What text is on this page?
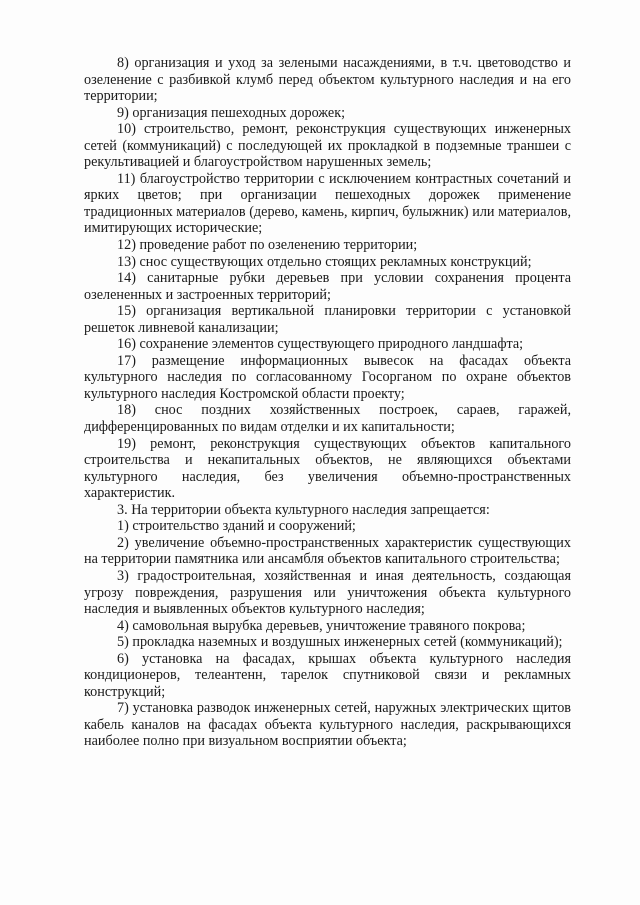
8) организация и уход за зелеными насаждениями, в т.ч. цветоводство и озеленение с разбивкой клумб перед объектом культурного наследия и на его территории;

9) организация пешеходных дорожек;

10) строительство, ремонт, реконструкция существующих инженерных сетей (коммуникаций) с последующей их прокладкой в подземные траншеи с рекультивацией и благоустройством нарушенных земель;

11) благоустройство территории с исключением контрастных сочетаний и ярких цветов; при организации пешеходных дорожек применение традиционных материалов (дерево, камень, кирпич, булыжник) или материалов, имитирующих исторические;

12) проведение работ по озеленению территории;

13) снос существующих отдельно стоящих рекламных конструкций;

14) санитарные рубки деревьев при условии сохранения процента озелененных и застроенных территорий;

15) организация вертикальной планировки территории с установкой решеток ливневой канализации;

16) сохранение элементов существующего природного ландшафта;

17) размещение информационных вывесок на фасадах объекта культурного наследия по согласованному Госорганом по охране объектов культурного наследия Костромской области проекту;

18) снос поздних хозяйственных построек, сараев, гаражей, дифференцированных по видам отделки и их капитальности;

19) ремонт, реконструкция существующих объектов капитального строительства и некапитальных объектов, не являющихся объектами культурного наследия, без увеличения объемно-пространственных характеристик.

3. На территории объекта культурного наследия запрещается:

1) строительство зданий и сооружений;

2) увеличение объемно-пространственных характеристик существующих на территории памятника или ансамбля объектов капитального строительства;

3) градостроительная, хозяйственная и иная деятельность, создающая угрозу повреждения, разрушения или уничтожения объекта культурного наследия и выявленных объектов культурного наследия;

4) самовольная вырубка деревьев, уничтожение травяного покрова;

5) прокладка наземных и воздушных инженерных сетей (коммуникаций);

6) установка на фасадах, крышах объекта культурного наследия кондиционеров, телеантенн, тарелок спутниковой связи и рекламных конструкций;

7) установка разводок инженерных сетей, наружных электрических щитов кабель каналов на фасадах объекта культурного наследия, раскрывающихся наиболее полно при визуальном восприятии объекта;
